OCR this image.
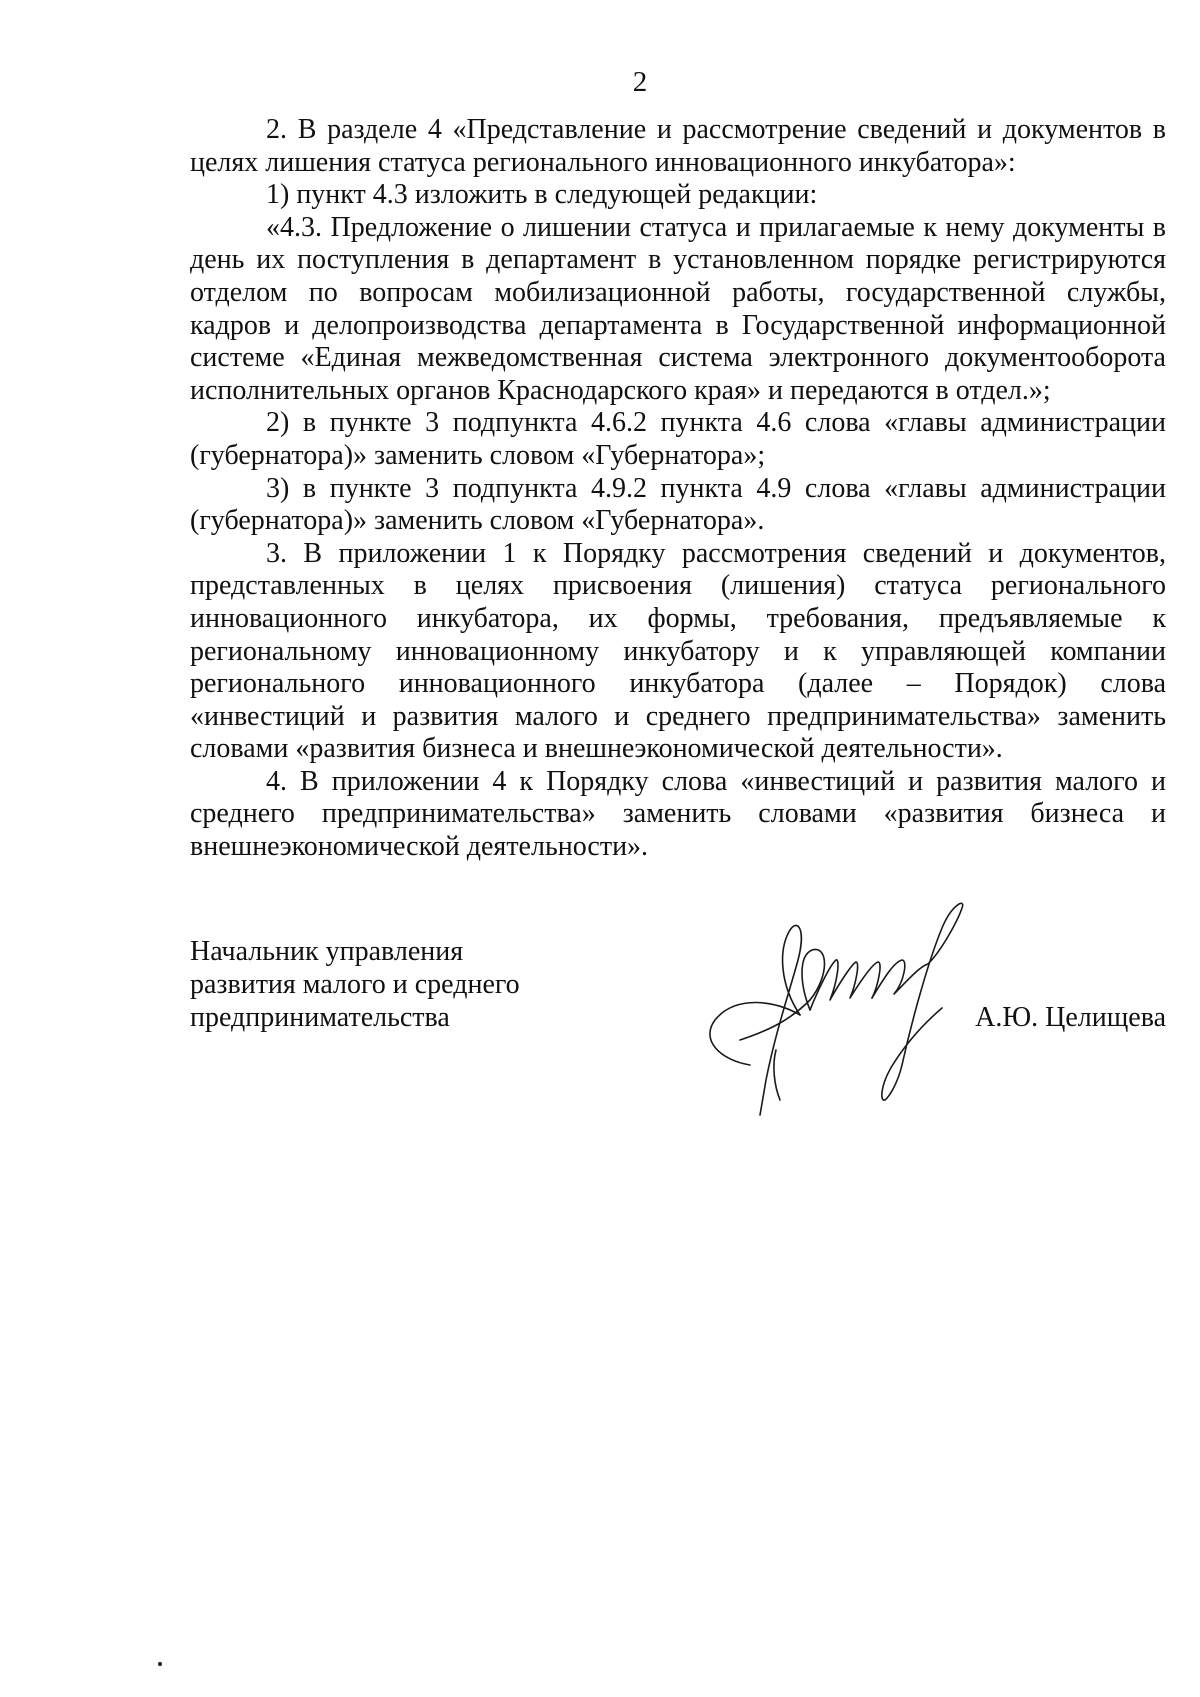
2

2. В разделе 4 «Представление и рассмотрение сведений и документов в целях лишения статуса регионального инновационного инкубатора»:

1) пункт 4.3 изложить в следующей редакции:

«4.3. Предложение о лишении статуса и прилагаемые к нему документы в день их поступления в департамент в установленном порядке регистрируются отделом по вопросам мобилизационной работы, государственной службы, кадров и делопроизводства департамента в Государственной информационной системе «Единая межведомственная система электронного документооборота исполнительных органов Краснодарского края» и передаются в отдел.»;

2) в пункте 3 подпункта 4.6.2 пункта 4.6 слова «главы администрации (губернатора)» заменить словом «Губернатора»;

3) в пункте 3 подпункта 4.9.2 пункта 4.9 слова «главы администрации (губернатора)» заменить словом «Губернатора».

3. В приложении 1 к Порядку рассмотрения сведений и документов, представленных в целях присвоения (лишения) статуса регионального инновационного инкубатора, их формы, требования, предъявляемые к региональному инновационному инкубатору и к управляющей компании регионального инновационного инкубатора (далее – Порядок) слова «инвестиций и развития малого и среднего предпринимательства» заменить словами «развития бизнеса и внешнеэкономической деятельности».

4. В приложении 4 к Порядку слова «инвестиций и развития малого и среднего предпринимательства» заменить словами «развития бизнеса и внешнеэкономической деятельности».

Начальник управления
развития малого и среднего
предпринимательства	А.Ю. Целищева
